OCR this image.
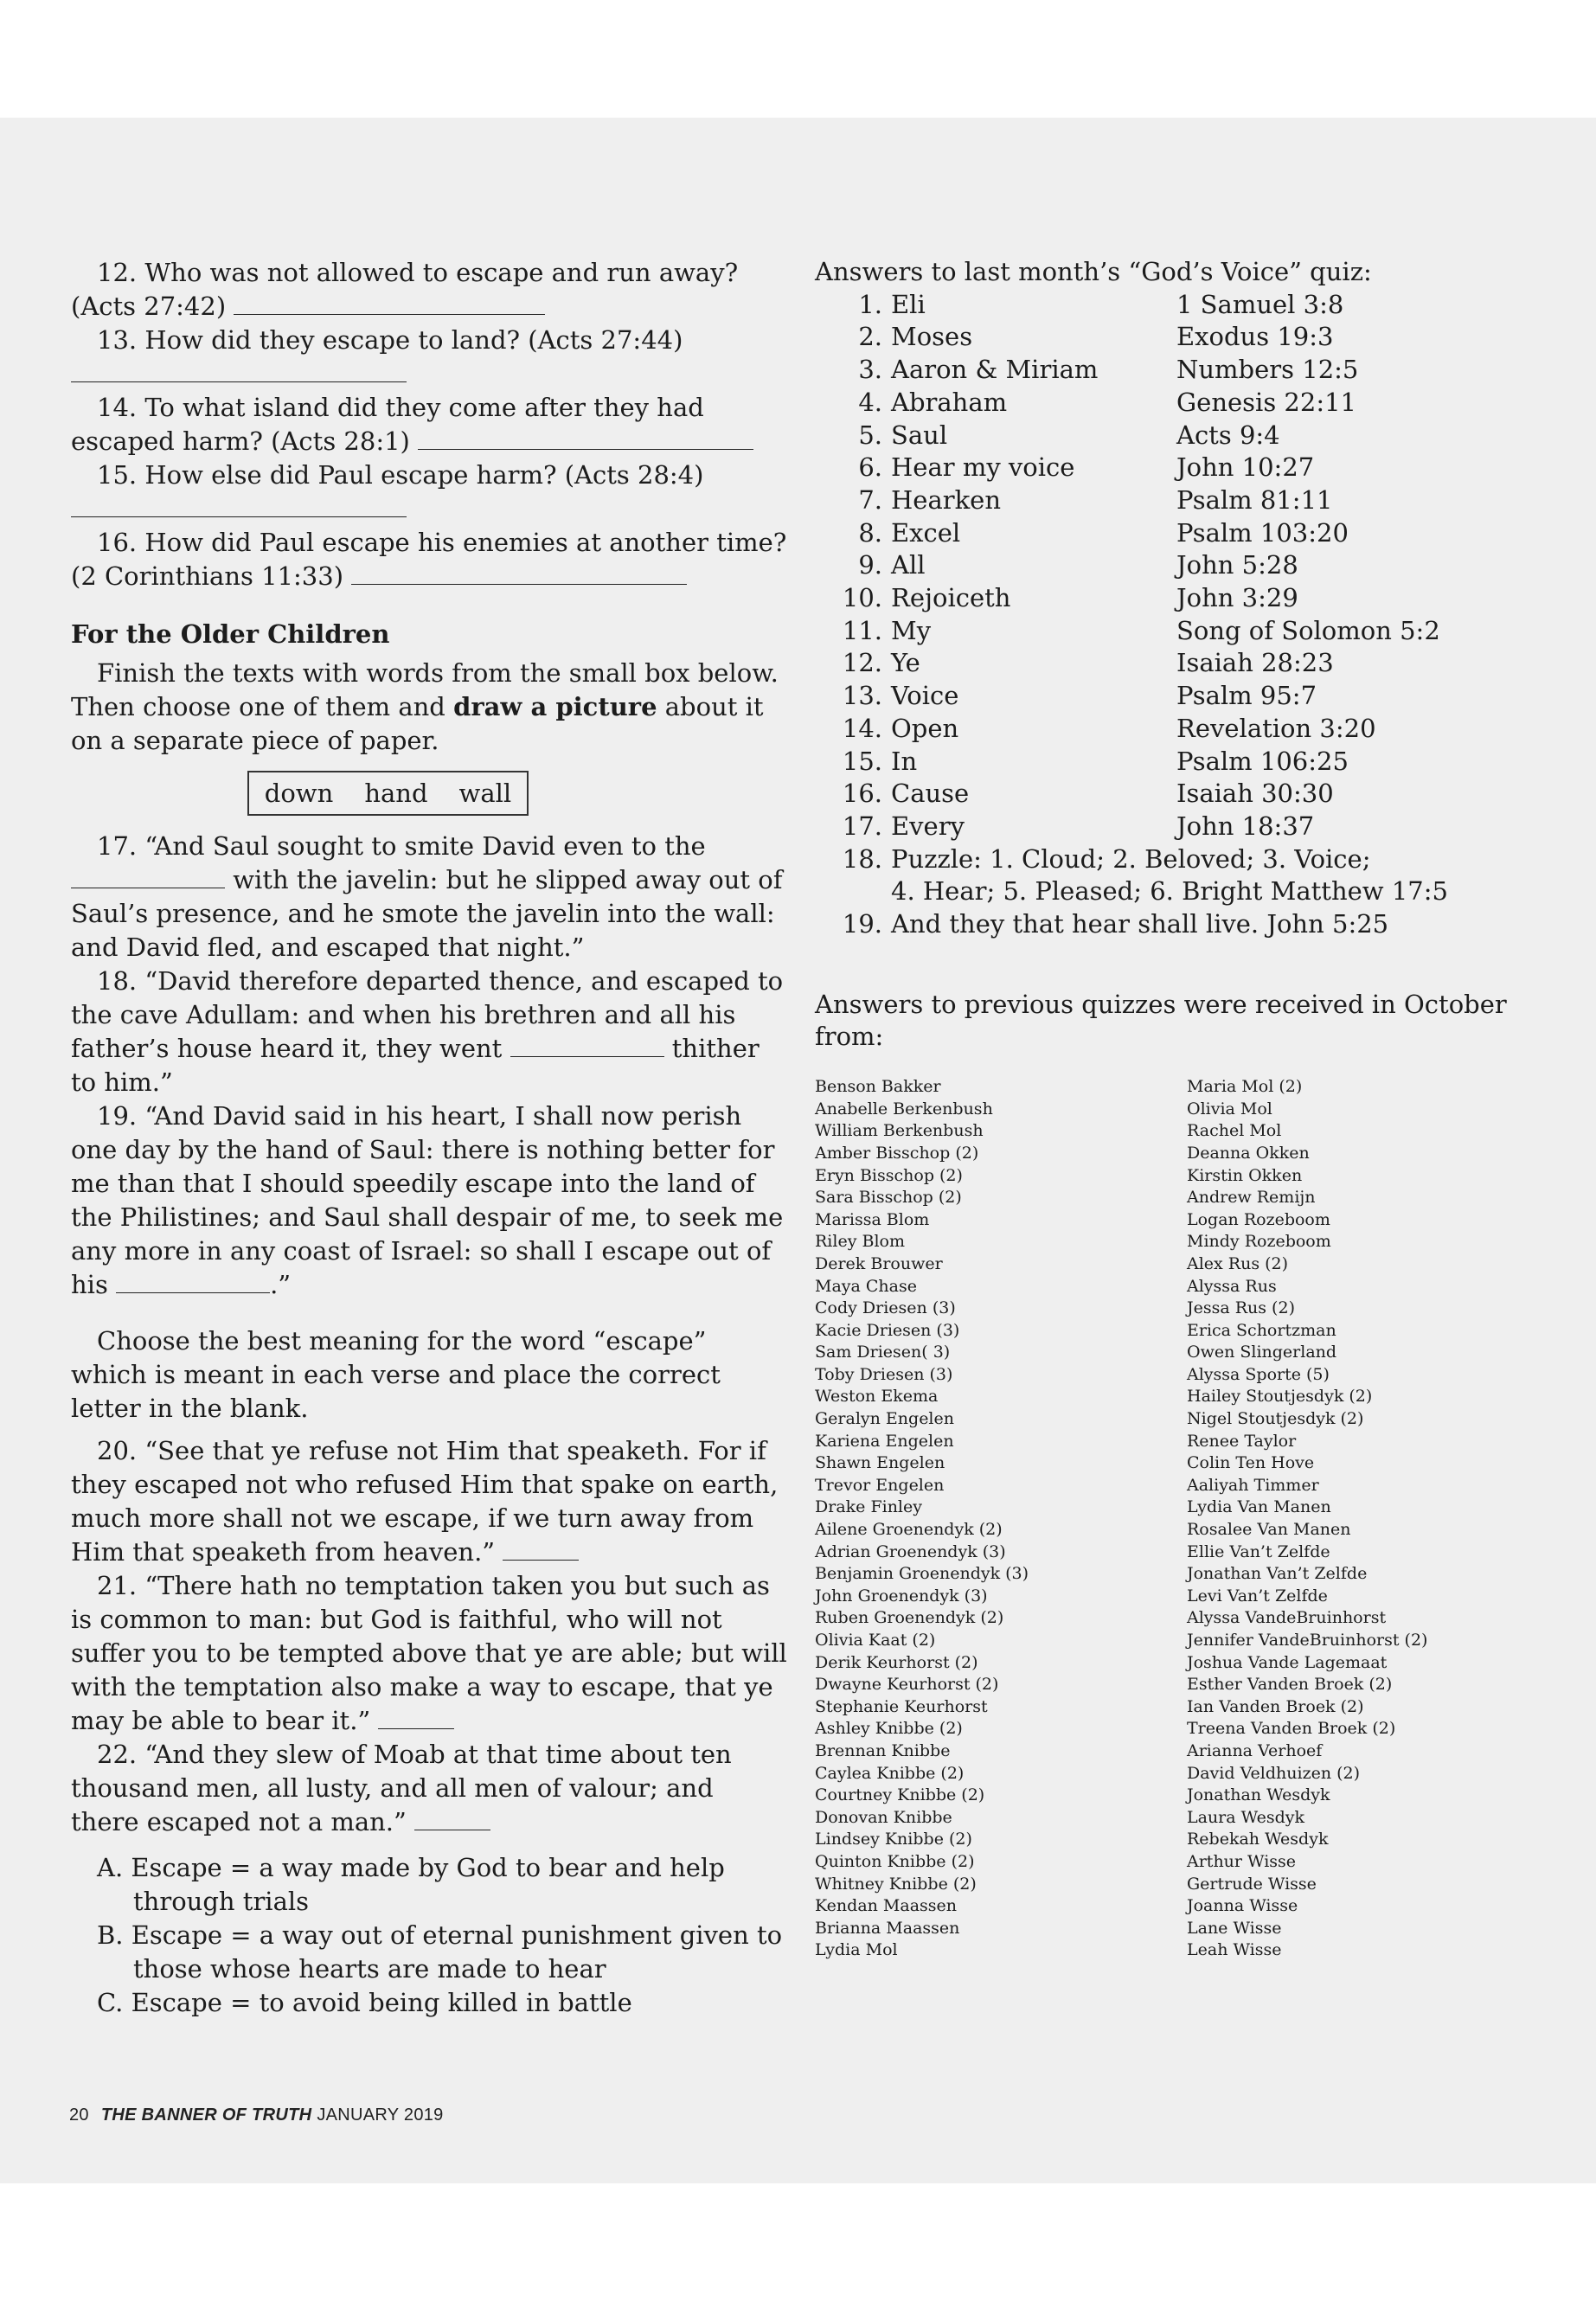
12. Who was not allowed to escape and run away? (Acts 27:42)

13. How did they escape to land? (Acts 27:44)

14. To what island did they come after they had escaped harm? (Acts 28:1)

15. How else did Paul escape harm? (Acts 28:4)

16. How did Paul escape his enemies at another time? (2 Corinthians 11:33)

For the Older Children

Finish the texts with words from the small box below. Then choose one of them and draw a picture about it on a separate piece of paper.

down hand wall

17. “And Saul sought to smite David even to the  with the javelin: but he slipped away out of Saul’s presence, and he smote the javelin into the wall: and David fled, and escaped that night.”

18. “David therefore departed thence, and escaped to the cave Adullam: and when his brethren and all his father’s house heard it, they went	thither to him.”

19. “And David said in his heart, I shall now perish one day by the hand of Saul: there is nothing better for me than that I should speedily escape into the land of the Philistines; and Saul shall despair of me, to seek me any more in any coast of Israel: so shall I escape out of his	.”

Choose the best meaning for the word “escape” which is meant in each verse and place the correct letter in the blank.

20. “See that ye refuse not Him that speaketh. For if they escaped not who refused Him that spake on earth, much more shall not we escape, if we turn away from Him that speaketh from heaven.”

21. “There hath no temptation taken you but such as is common to man: but God is faithful, who will not suffer you to be tempted above that ye are able; but will with the temptation also make a way to escape, that ye may be able to bear it.”

22. “And they slew of Moab at that time about ten thousand men, all lusty, and all men of valour; and there escaped not a man.”

A. Escape = a way made by God to bear and help through trials

B. Escape = a way out of eternal punishment given to those whose hearts are made to hear

C. Escape = to avoid being killed in battle

Answers to last month’s “God’s Voice” quiz:

1. Eli	1 Samuel 3:8
2. Moses	Exodus 19:3
3. Aaron & Miriam	Numbers 12:5
4. Abraham	Genesis 22:11
5. Saul	Acts 9:4
6. Hear my voice	John 10:27
7. Hearken	Psalm 81:11
8. Excel	Psalm 103:20
9. All	John 5:28
10. Rejoiceth	John 3:29
11. My	Song of Solomon 5:2
12. Ye	Isaiah 28:23
13. Voice	Psalm 95:7
14. Open	Revelation 3:20
15. In	Psalm 106:25
16. Cause	Isaiah 30:30
17. Every	John 18:37
18. Puzzle: 1. Cloud; 2. Beloved; 3. Voice;

4. Hear; 5. Pleased; 6. Bright Matthew 17:5

19. And they that hear shall live. John 5:25

Answers to previous quizzes were received in October from:

Benson Bakker
Anabelle Berkenbush
William Berkenbush
Amber Bisschop (2)
Eryn Bisschop (2)
Sara Bisschop (2)
Marissa Blom
Riley Blom
Derek Brouwer
Maya Chase
Cody Driesen (3)
Kacie Driesen (3)
Sam Driesen( 3)
Toby Driesen (3)
Weston Ekema
Geralyn Engelen
Kariena Engelen
Shawn Engelen
Trevor Engelen
Drake Finley
Ailene Groenendyk (2)
Adrian Groenendyk (3)
Benjamin Groenendyk (3)
John Groenendyk (3)
Ruben Groenendyk (2)
Olivia Kaat (2)
Derik Keurhorst (2)
Dwayne Keurhorst (2)
Stephanie Keurhorst
Ashley Knibbe (2)
Brennan Knibbe
Caylea Knibbe (2)
Courtney Knibbe (2)
Donovan Knibbe
Lindsey Knibbe (2)
Quinton Knibbe (2)
Whitney Knibbe (2)
Kendan Maassen
Brianna Maassen
Lydia Mol
Maria Mol (2)
Olivia Mol
Rachel Mol
Deanna Okken
Kirstin Okken
Andrew Remijn
Logan Rozeboom
Mindy Rozeboom
Alex Rus (2)
Alyssa Rus
Jessa Rus (2)
Erica Schortzman
Owen Slingerland
Alyssa Sporte (5)
Hailey Stoutjesdyk (2)
Nigel Stoutjesdyk (2)
Renee Taylor
Colin Ten Hove
Aaliyah Timmer
Lydia Van Manen
Rosalee Van Manen
Ellie Van’t Zelfde
Jonathan Van’t Zelfde
Levi Van’t Zelfde
Alyssa VandeBruinhorst
Jennifer VandeBruinhorst (2)
Joshua Vande Lagemaat
Esther Vanden Broek (2)
Ian Vanden Broek (2)
Treena Vanden Broek (2)
Arianna Verhoef
David Veldhuizen (2)
Jonathan Wesdyk
Laura Wesdyk
Rebekah Wesdyk
Arthur Wisse
Gertrude Wisse
Joanna Wisse
Lane Wisse
Leah Wisse
20 THE BANNER OF TRUTH JANUARY 2019
